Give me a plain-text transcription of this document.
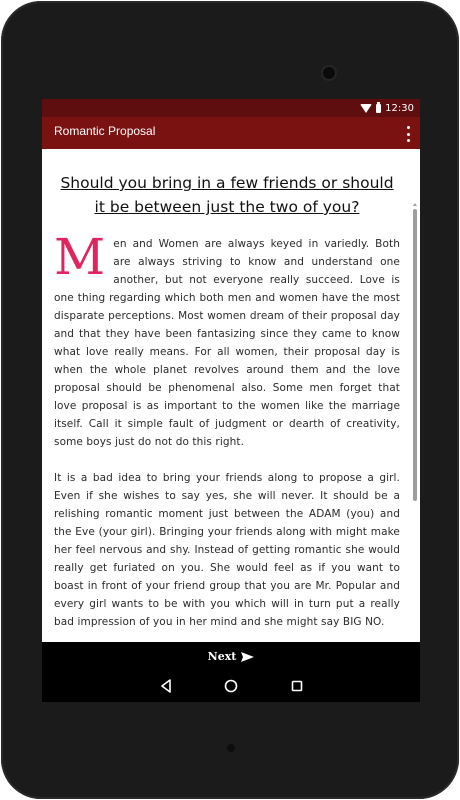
12:30
Romantic Proposal
Should you bring in a few friends or should it be between just the two of you?

Men and Women are always keyed in variedly. Both are always striving to know and understand one another, but not everyone really succeed. Love is one thing regarding which both men and women have the most disparate perceptions. Most women dream of their proposal day and that they have been fantasizing since they came to know what love really means. For all women, their proposal day is when the whole planet revolves around them and the love proposal should be phenomenal also. Some men forget that love proposal is as important to the women like the marriage itself. Call it simple fault of judgment or dearth of creativity, some boys just do not do this right.

It is a bad idea to bring your friends along to propose a girl. Even if she wishes to say yes, she will never. It should be a relishing romantic moment just between the ADAM (you) and the Eve (your girl). Bringing your friends along with might make her feel nervous and shy. Instead of getting romantic she would really get furiated on you. She would feel as if you want to boast in front of your friend group that you are Mr. Popular and every girl wants to be with you which will in turn put a really bad impression of you in her mind and she might say BIG NO.

Next
